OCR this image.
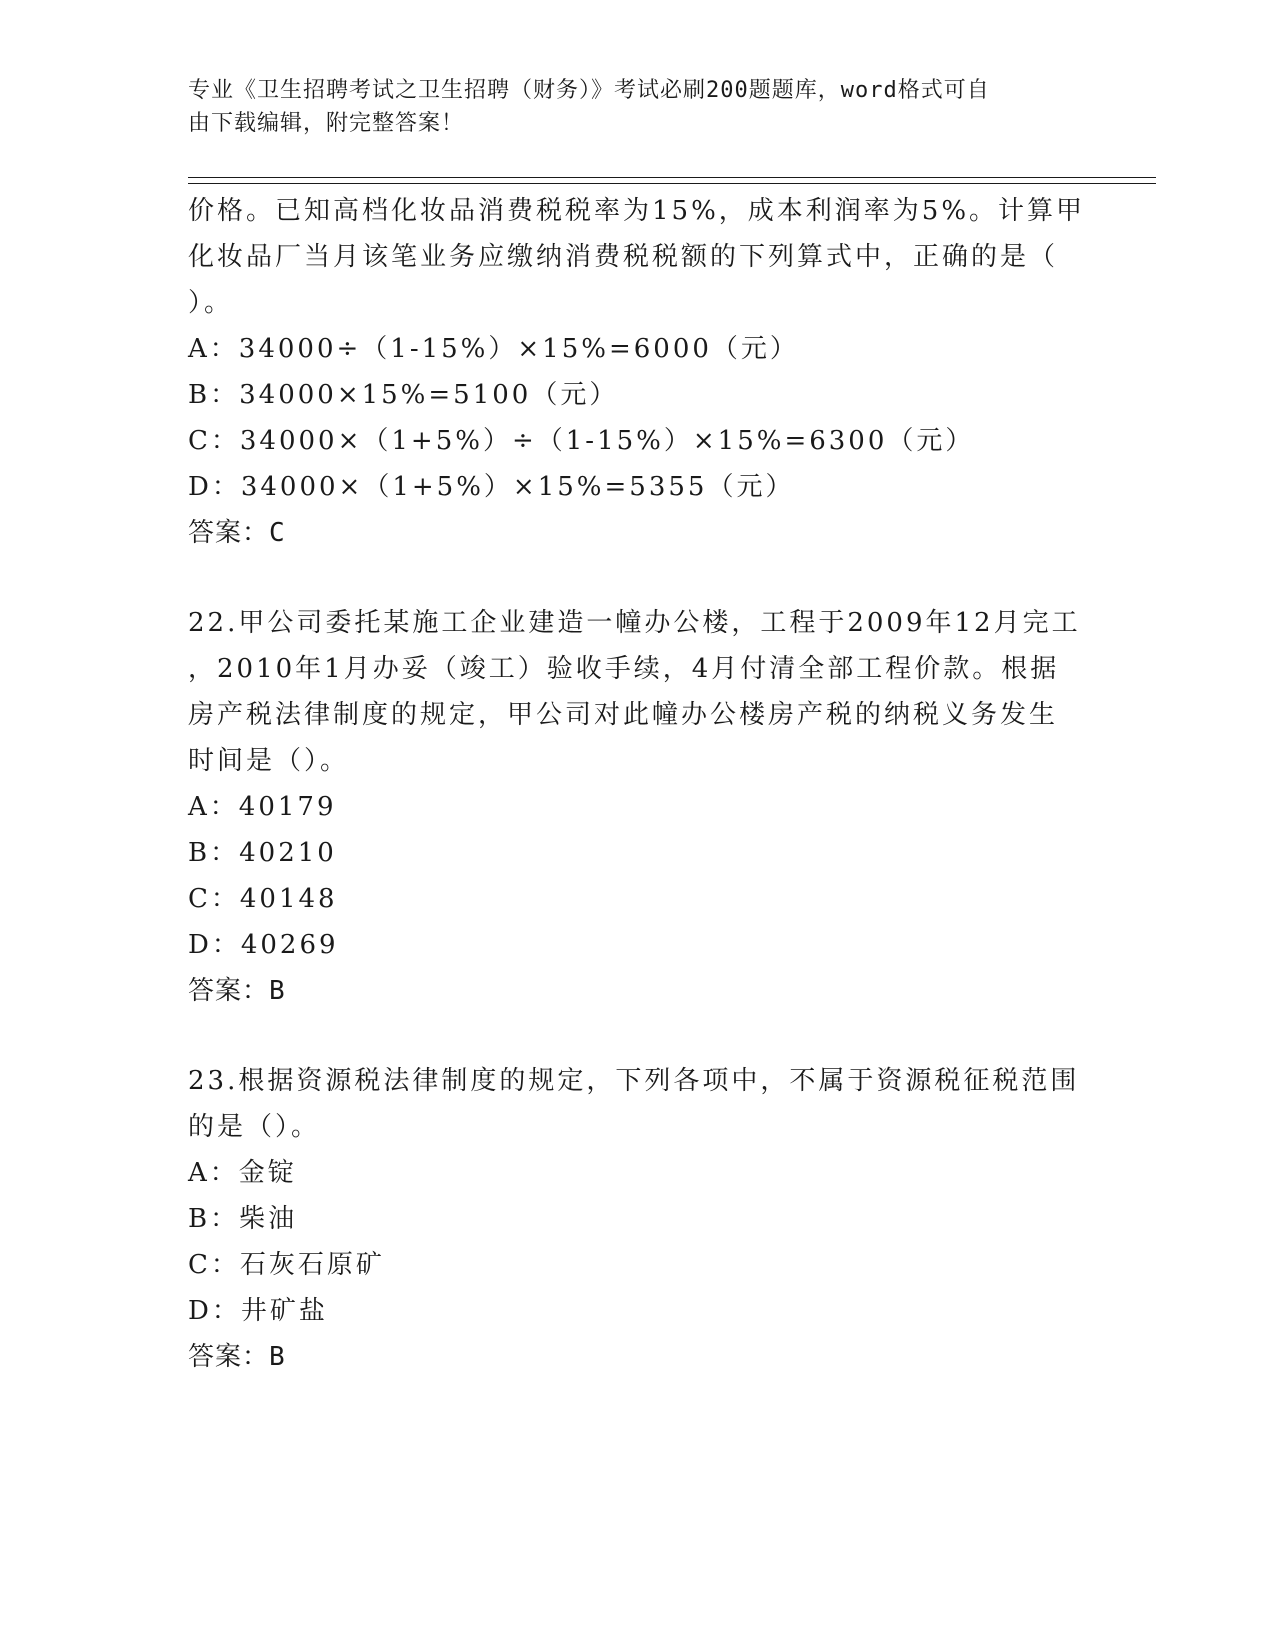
专业《卫生招聘考试之卫生招聘（财务）》考试必刷200题题库，word格式可自
由下载编辑，附完整答案！
价格。已知高档化妆品消费税税率为15%，成本利润率为5%。计算甲
化妆品厂当月该笔业务应缴纳消费税税额的下列算式中，正确的是（
）。
A：34000÷（1-15%）×15%=6000（元）
B：34000×15%=5100（元）
C：34000×（1+5%）÷（1-15%）×15%=6300（元）
D：34000×（1+5%）×15%=5355（元）
答案：C
22.甲公司委托某施工企业建造一幢办公楼，工程于2009年12月完工
，2010年1月办妥（竣工）验收手续，4月付清全部工程价款。根据
房产税法律制度的规定，甲公司对此幢办公楼房产税的纳税义务发生
时间是（）。
A：40179
B：40210
C：40148
D：40269
答案：B
23.根据资源税法律制度的规定，下列各项中，不属于资源税征税范围
的是（）。
A：金锭
B：柴油
C：石灰石原矿
D：井矿盐
答案：B
